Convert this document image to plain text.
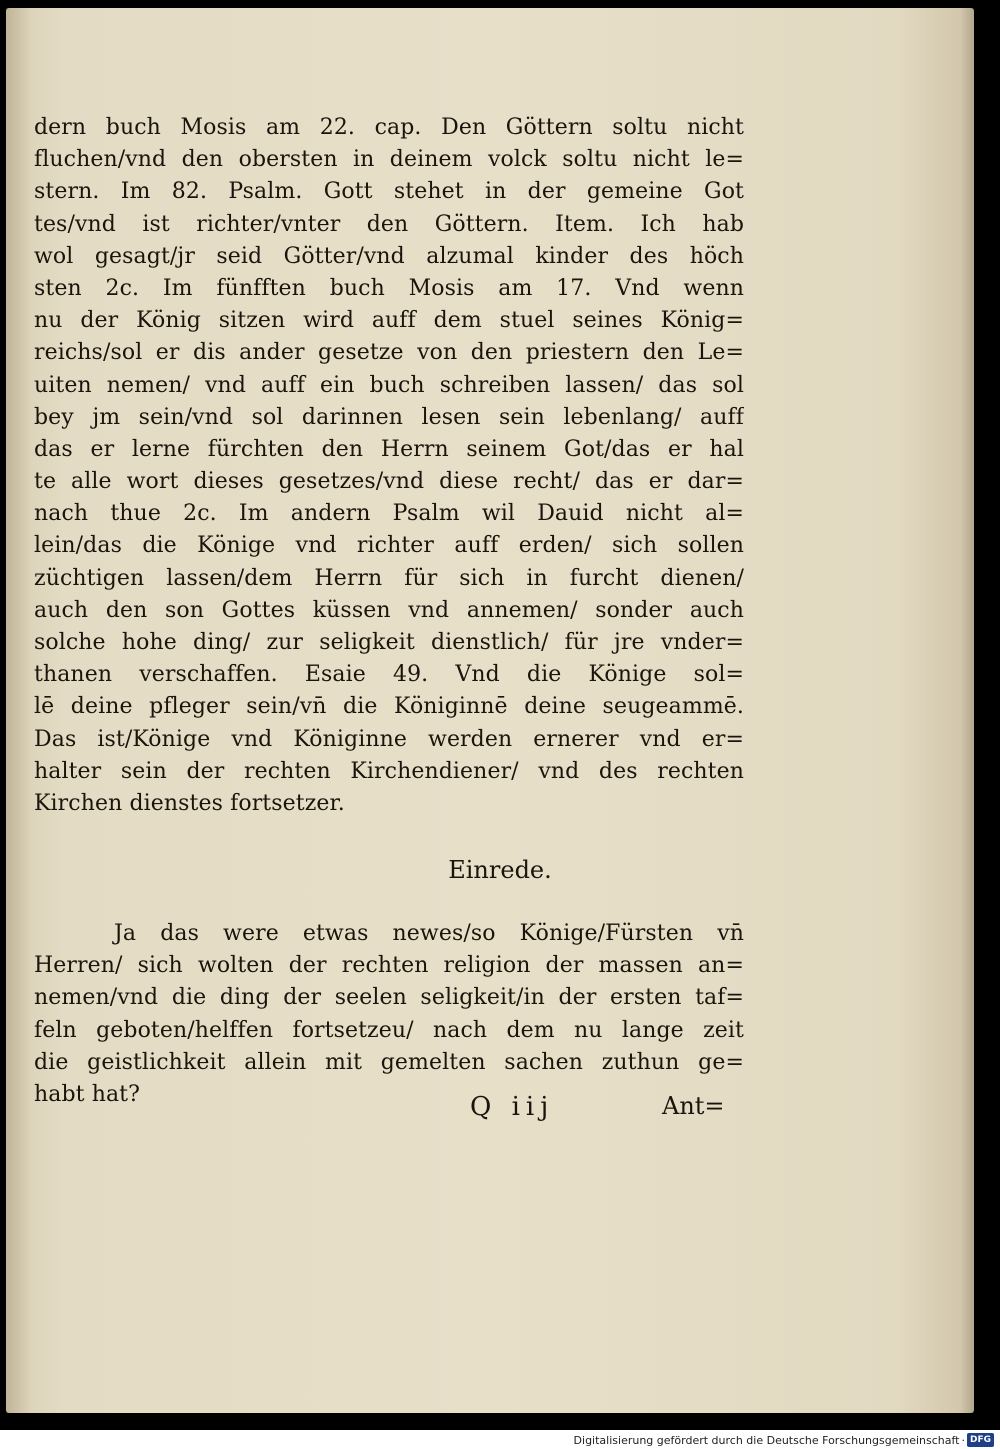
dern buch Mosis am 22. cap. Den Göttern soltu nicht
fluchen/vnd den obersten in deinem volck soltu nicht le=
stern. Im 82. Psalm. Gott stehet in der gemeine Got
tes/vnd ist richter/vnter den Göttern. Item. Ich hab
wol gesagt/jr seid Götter/vnd alzumal kinder des höch
sten 2c. Im fünfften buch Mosis am 17. Vnd wenn
nu der König sitzen wird auff dem stuel seines König=
reichs/sol er dis ander gesetze von den priestern den Le=
uiten nemen/ vnd auff ein buch schreiben lassen/ das sol
bey jm sein/vnd sol darinnen lesen sein lebenlang/ auff
das er lerne fürchten den Herrn seinem Got/das er hal
te alle wort dieses gesetzes/vnd diese recht/ das er dar=
nach thue 2c. Im andern Psalm wil Dauid nicht al=
lein/das die Könige vnd richter auff erden/ sich sollen
züchtigen lassen/dem Herrn für sich in furcht dienen/
auch den son Gottes küssen vnd annemen/ sonder auch
solche hohe ding/ zur seligkeit dienstlich/ für jre vnder=
thanen verschaffen. Esaie 49. Vnd die Könige sol=
lē deine pfleger sein/vn̄ die Königinnē deine seugeammē.
Das ist/Könige vnd Königinne werden ernerer vnd er=
halter sein der rechten Kirchendiener/ vnd des rechten
Kirchen dienstes fortsetzer.
Ja das were etwas newes/so Könige/Fürsten vn̄
Herren/ sich wolten der rechten religion der massen an=
nemen/vnd die ding der seelen seligkeit/in der ersten taf=
feln geboten/helffen fortsetzeu/ nach dem nu lange zeit
die geistlichkeit allein mit gemelten sachen zuthun ge=
habt hat?
Einrede.
Q iij	Ant=
Digitalisierung gefördert durch die Deutsche Forschungsgemeinschaft · DFG
